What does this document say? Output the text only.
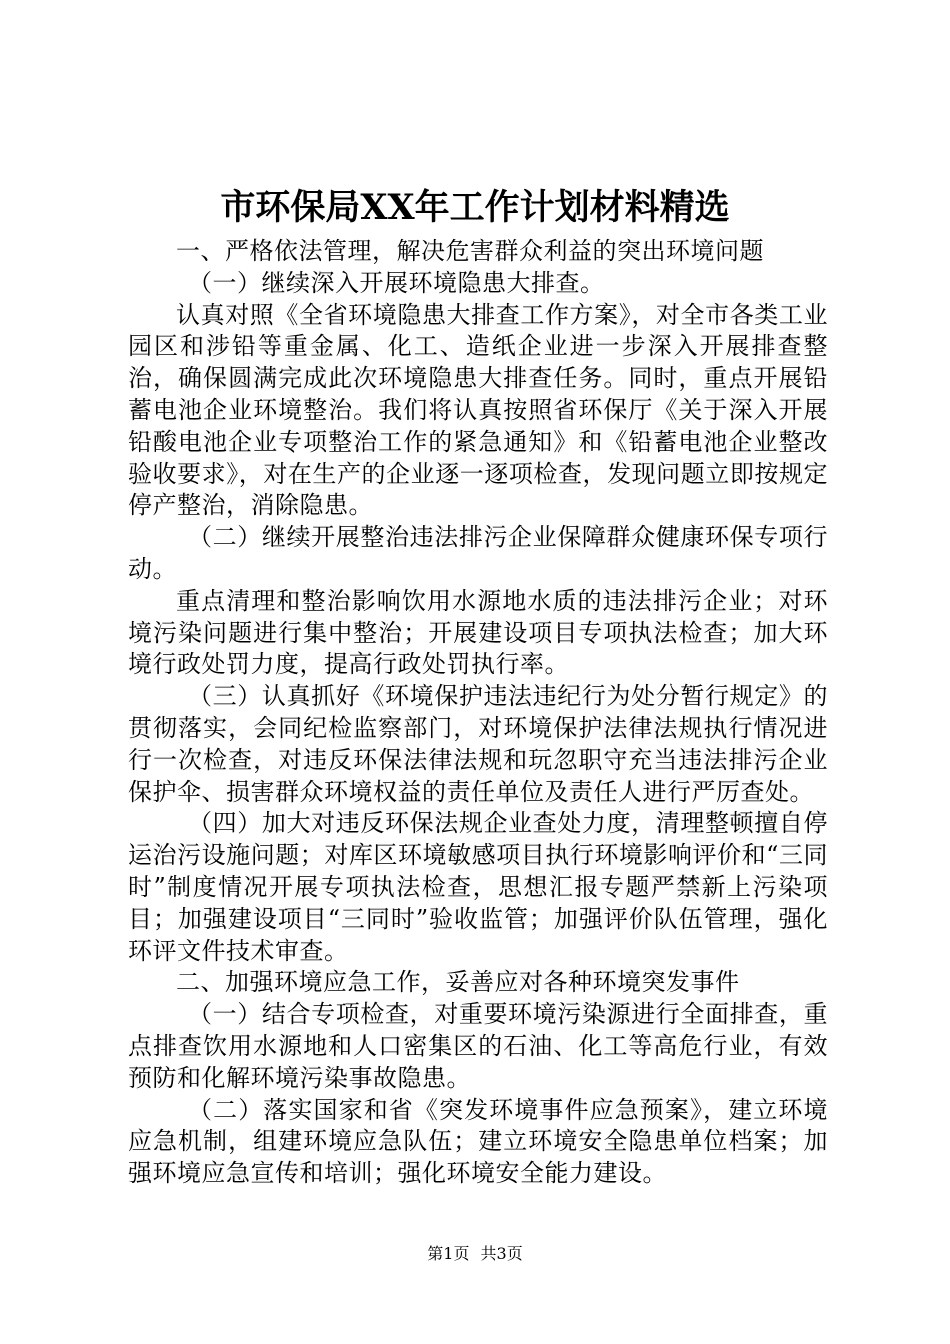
市环保局XX年工作计划材料精选

一、严格依法管理，解决危害群众利益的突出环境问题

（一）继续深入开展环境隐患大排查。

认真对照《全省环境隐患大排查工作方案》，对全市各类工业园区和涉铅等重金属、化工、造纸企业进一步深入开展排查整治，确保圆满完成此次环境隐患大排查任务。同时，重点开展铅蓄电池企业环境整治。我们将认真按照省环保厅《关于深入开展铅酸电池企业专项整治工作的紧急通知》和《铅蓄电池企业整改验收要求》，对在生产的企业逐一逐项检查，发现问题立即按规定停产整治，消除隐患。

（二）继续开展整治违法排污企业保障群众健康环保专项行动。

重点清理和整治影响饮用水源地水质的违法排污企业；对环境污染问题进行集中整治；开展建设项目专项执法检查；加大环境行政处罚力度，提高行政处罚执行率。

（三）认真抓好《环境保护违法违纪行为处分暂行规定》的贯彻落实，会同纪检监察部门，对环境保护法律法规执行情况进行一次检查，对违反环保法律法规和玩忽职守充当违法排污企业保护伞、损害群众环境权益的责任单位及责任人进行严厉查处。

（四）加大对违反环保法规企业查处力度，清理整顿擅自停运治污设施问题；对库区环境敏感项目执行环境影响评价和“三同时”制度情况开展专项执法检查，思想汇报专题严禁新上污染项目；加强建设项目“三同时”验收监管；加强评价队伍管理，强化环评文件技术审查。

二、加强环境应急工作，妥善应对各种环境突发事件

（一）结合专项检查，对重要环境污染源进行全面排查，重点排查饮用水源地和人口密集区的石油、化工等高危行业，有效预防和化解环境污染事故隐患。

（二）落实国家和省《突发环境事件应急预案》，建立环境应急机制，组建环境应急队伍；建立环境安全隐患单位档案；加强环境应急宣传和培训；强化环境安全能力建设。

第1页 共3页
